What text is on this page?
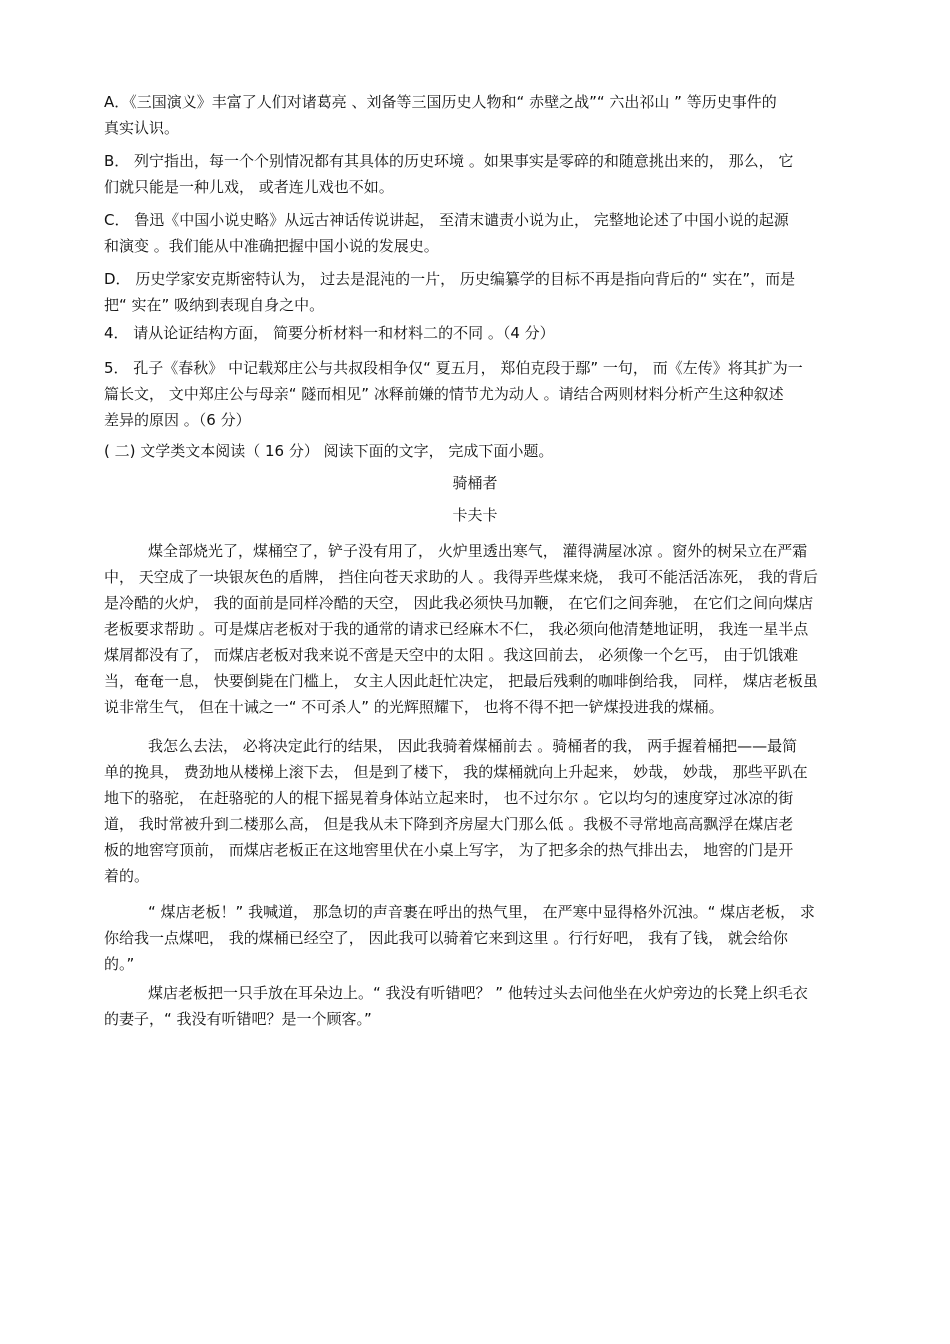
A．《三国演义》丰富了人们对诸葛亮 、刘备等三国历史人物和“ 赤壁之战”“ 六出祁山 ” 等历史事件的
真实认识。
B． 列宁指出，每一个个别情况都有其具体的历史环境 。如果事实是零碎的和随意挑出来的， 那么， 它
们就只能是一种儿戏， 或者连儿戏也不如。
C． 鲁迅《中国小说史略》从远古神话传说讲起， 至清末谴责小说为止， 完整地论述了中国小说的起源
和演变 。我们能从中准确把握中国小说的发展史。
D． 历史学家安克斯密特认为， 过去是混沌的一片， 历史编纂学的目标不再是指向背后的“ 实在”，而是
把“ 实在” 吸纳到表现自身之中。
4． 请从论证结构方面， 简要分析材料一和材料二的不同 。（4 分）
5． 孔子《春秋》 中记载郑庄公与共叔段相争仅“ 夏五月， 郑伯克段于鄢” 一句， 而《左传》将其扩为一
篇长文， 文中郑庄公与母亲“ 隧而相见” 冰释前嫌的情节尤为动人 。请结合两则材料分析产生这种叙述
差异的原因 。（6 分）
( 二) 文学类文本阅读（ 16 分） 阅读下面的文字， 完成下面小题。
骑桶者
卡夫卡
煤全部烧光了，煤桶空了，铲子没有用了， 火炉里透出寒气， 灌得满屋冰凉 。窗外的树呆立在严霜
中， 天空成了一块银灰色的盾牌， 挡住向苍天求助的人 。我得弄些煤来烧， 我可不能活活冻死， 我的背后
是冷酷的火炉， 我的面前是同样冷酷的天空， 因此我必须快马加鞭， 在它们之间奔驰， 在它们之间向煤店
老板要求帮助 。可是煤店老板对于我的通常的请求已经麻木不仁， 我必须向他清楚地证明， 我连一星半点
煤屑都没有了， 而煤店老板对我来说不啻是天空中的太阳 。我这回前去， 必须像一个乞丐， 由于饥饿难
当，奄奄一息， 快要倒毙在门槛上， 女主人因此赶忙决定， 把最后残剩的咖啡倒给我， 同样， 煤店老板虽
说非常生气， 但在十诫之一“ 不可杀人” 的光辉照耀下， 也将不得不把一铲煤投进我的煤桶。
我怎么去法， 必将决定此行的结果， 因此我骑着煤桶前去 。骑桶者的我， 两手握着桶把——最简
单的挽具， 费劲地从楼梯上滚下去， 但是到了楼下， 我的煤桶就向上升起来， 妙哉， 妙哉， 那些平趴在
地下的骆驼， 在赶骆驼的人的棍下摇晃着身体站立起来时， 也不过尔尔 。它以均匀的速度穿过冰凉的街
道， 我时常被升到二楼那么高， 但是我从未下降到齐房屋大门那么低 。我极不寻常地高高飘浮在煤店老
板的地窖穹顶前， 而煤店老板正在这地窖里伏在小桌上写字， 为了把多余的热气排出去， 地窖的门是开
着的。
“ 煤店老板！” 我喊道， 那急切的声音裹在呼出的热气里， 在严寒中显得格外沉浊。“ 煤店老板， 求
你给我一点煤吧， 我的煤桶已经空了， 因此我可以骑着它来到这里 。行行好吧， 我有了钱， 就会给你
的。”
煤店老板把一只手放在耳朵边上。“ 我没有听错吧？ ” 他转过头去问他坐在火炉旁边的长凳上织毛衣
的妻子，“ 我没有听错吧？是一个顾客。”
